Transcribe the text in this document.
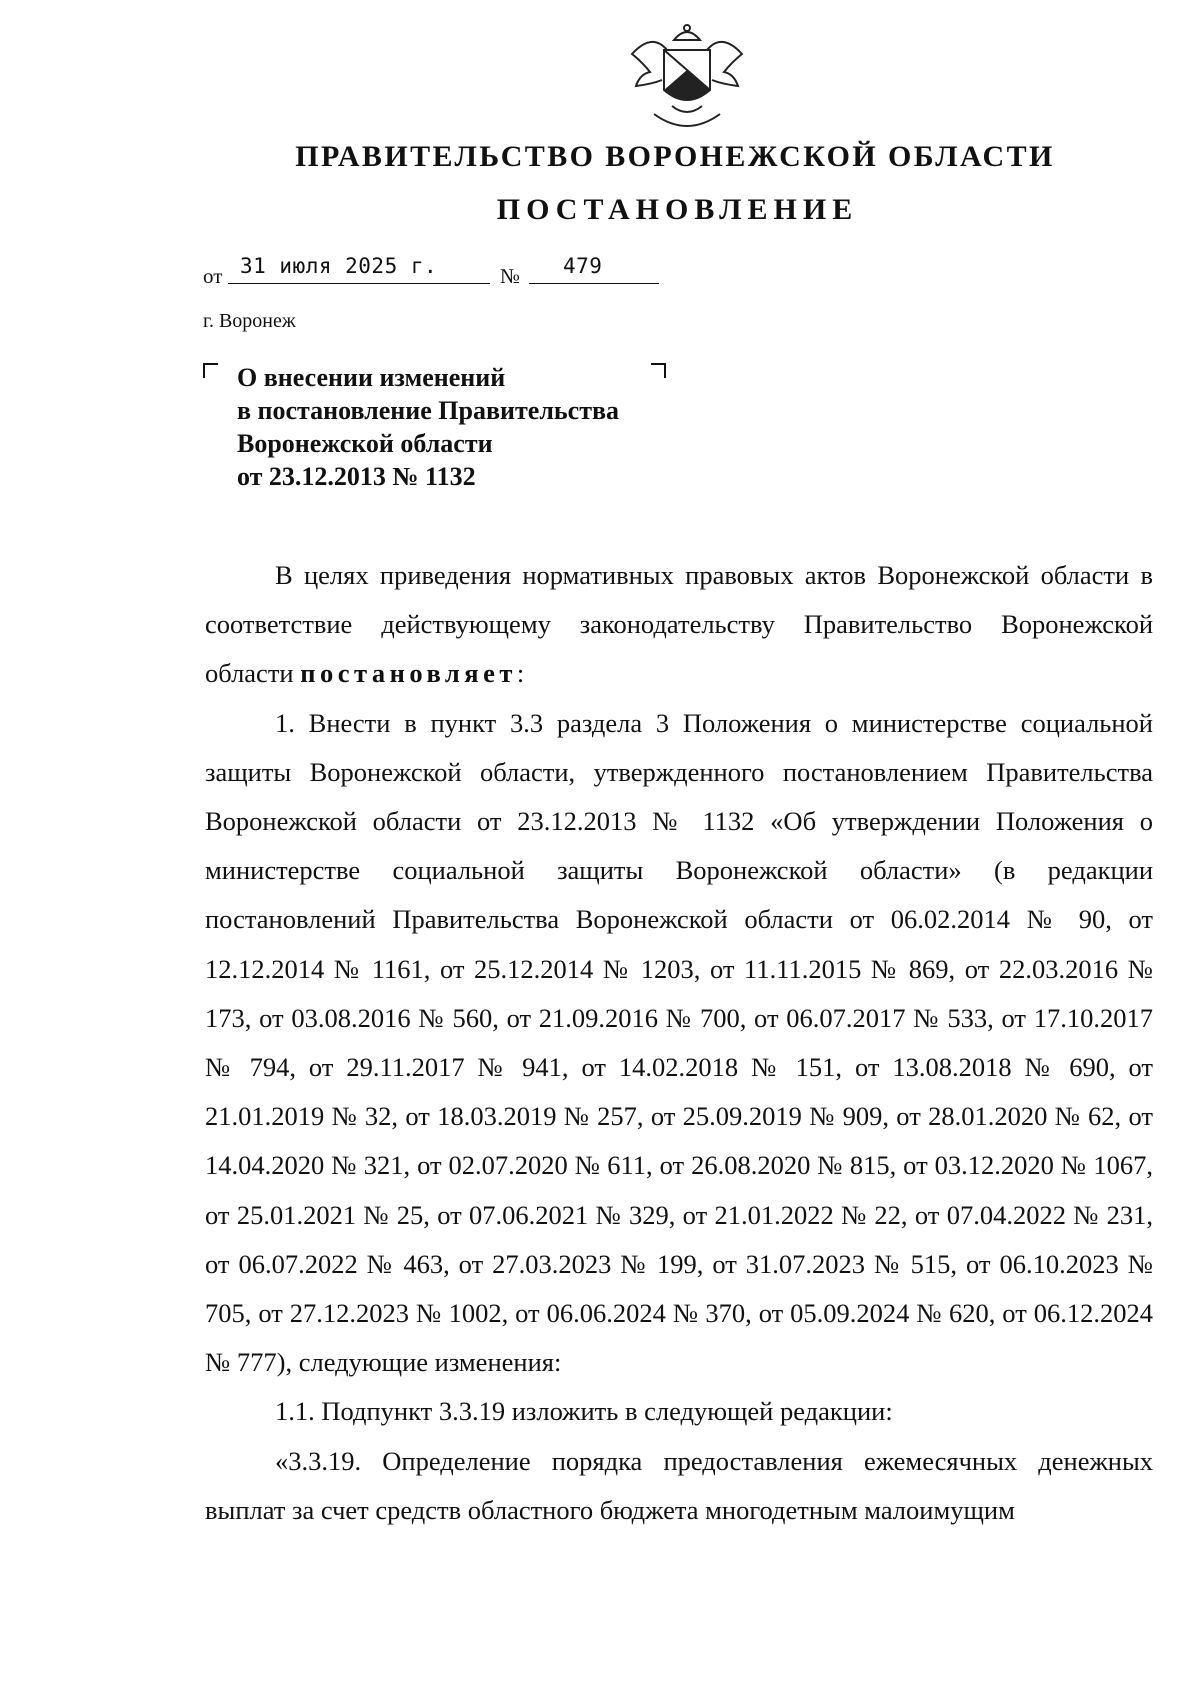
ПРАВИТЕЛЬСТВО ВОРОНЕЖСКОЙ ОБЛАСТИ
ПОСТАНОВЛЕНИЕ
от 31 июля 2025 г.	№	479
г. Воронеж
О внесении изменений
в постановление Правительства
Воронежской области
от 23.12.2013 № 1132

В целях приведения нормативных правовых актов Воронежской области в соответствие действующему законодательству Правительство Воронежской области постановляет:

1. Внести в пункт 3.3 раздела 3 Положения о министерстве социальной защиты Воронежской области, утвержденного постановлением Правительства Воронежской области от 23.12.2013 № 1132 «Об утверждении Положения о министерстве социальной защиты Воронежской области» (в редакции постановлений Правительства Воронежской области от 06.02.2014 № 90, от 12.12.2014 № 1161, от 25.12.2014 № 1203, от 11.11.2015 № 869, от 22.03.2016 № 173, от 03.08.2016 № 560, от 21.09.2016 № 700, от 06.07.2017 № 533, от 17.10.2017 № 794, от 29.11.2017 № 941, от 14.02.2018 № 151, от 13.08.2018 № 690, от 21.01.2019 № 32, от 18.03.2019 № 257, от 25.09.2019 № 909, от 28.01.2020 № 62, от 14.04.2020 № 321, от 02.07.2020 № 611, от 26.08.2020 № 815, от 03.12.2020 № 1067, от 25.01.2021 № 25, от 07.06.2021 № 329, от 21.01.2022 № 22, от 07.04.2022 № 231, от 06.07.2022 № 463, от 27.03.2023 № 199, от 31.07.2023 № 515, от 06.10.2023 № 705, от 27.12.2023 № 1002, от 06.06.2024 № 370, от 05.09.2024 № 620, от 06.12.2024 № 777), следующие изменения:

1.1. Подпункт 3.3.19 изложить в следующей редакции:

«3.3.19. Определение порядка предоставления ежемесячных денежных выплат за счет средств областного бюджета многодетным малоимущим
